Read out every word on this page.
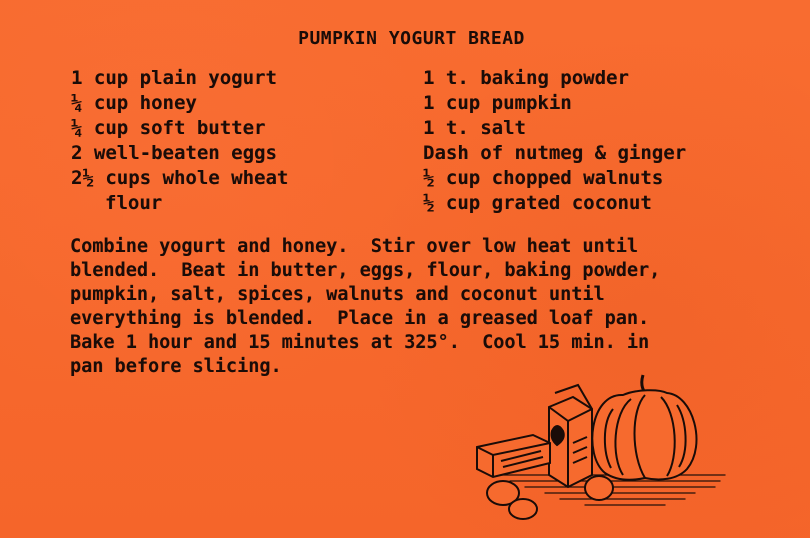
PUMPKIN YOGURT BREAD
1 cup plain yogurt
¼ cup honey
¼ cup soft butter
2 well-beaten eggs
2½ cups whole wheat
flour
1 t. baking powder
1 cup pumpkin
1 t. salt
Dash of nutmeg & ginger
½ cup chopped walnuts
½ cup grated coconut
Combine yogurt and honey.  Stir over low heat until
blended.  Beat in butter, eggs, flour, baking powder,
pumpkin, salt, spices, walnuts and coconut until
everything is blended.  Place in a greased loaf pan.
Bake 1 hour and 15 minutes at 325°.  Cool 15 min. in
pan before slicing.
